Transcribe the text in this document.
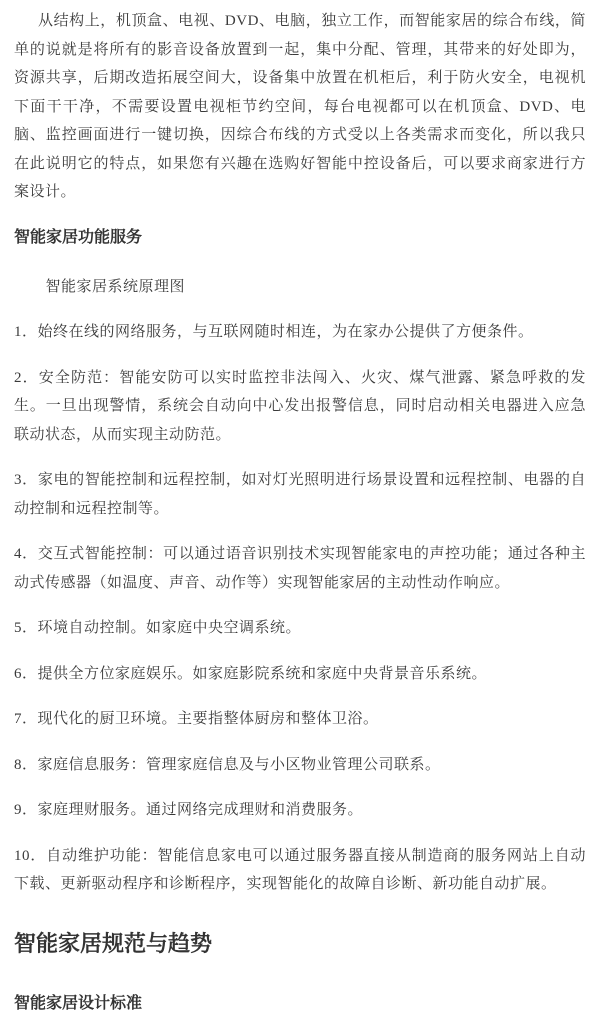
从结构上，机顶盒、电视、DVD、电脑，独立工作，而智能家居的综合布线，简单的说就是将所有的影音设备放置到一起，集中分配、管理，其带来的好处即为，资源共享，后期改造拓展空间大，设备集中放置在机柜后，利于防火安全，电视机下面干干净，不需要设置电视柜节约空间，每台电视都可以在机顶盒、DVD、电脑、监控画面进行一键切换，因综合布线的方式受以上各类需求而变化，所以我只在此说明它的特点，如果您有兴趣在选购好智能中控设备后，可以要求商家进行方案设计。

智能家居功能服务

智能家居系统原理图

1．始终在线的网络服务，与互联网随时相连，为在家办公提供了方便条件。

2．安全防范：智能安防可以实时监控非法闯入、火灾、煤气泄露、紧急呼救的发生。一旦出现警情，系统会自动向中心发出报警信息，同时启动相关电器进入应急联动状态，从而实现主动防范。

3．家电的智能控制和远程控制，如对灯光照明进行场景设置和远程控制、电器的自动控制和远程控制等。

4．交互式智能控制：可以通过语音识别技术实现智能家电的声控功能；通过各种主动式传感器（如温度、声音、动作等）实现智能家居的主动性动作响应。

5．环境自动控制。如家庭中央空调系统。

6．提供全方位家庭娱乐。如家庭影院系统和家庭中央背景音乐系统。

7．现代化的厨卫环境。主要指整体厨房和整体卫浴。

8．家庭信息服务：管理家庭信息及与小区物业管理公司联系。

9．家庭理财服务。通过网络完成理财和消费服务。

10．自动维护功能：智能信息家电可以通过服务器直接从制造商的服务网站上自动下载、更新驱动程序和诊断程序，实现智能化的故障自诊断、新功能自动扩展。

智能家居规范与趋势
智能家居设计标准
